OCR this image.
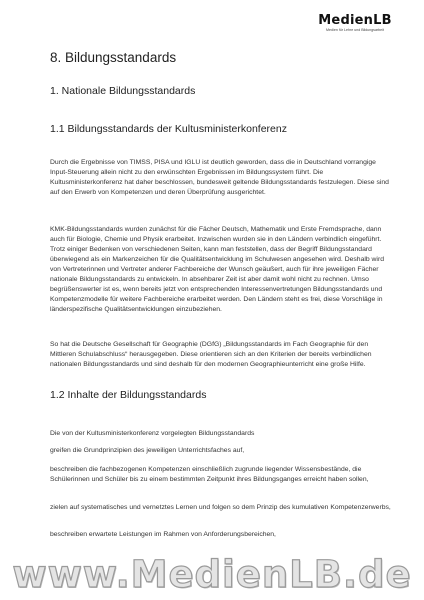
MedienLB
Medien für Lehre und Bildungsarbeit
8. Bildungsstandards
1. Nationale Bildungsstandards
1.1 Bildungsstandards der Kultusministerkonferenz

Durch die Ergebnisse von TIMSS, PISA und IGLU ist deutlich geworden, dass die in Deutschland vorrangige Input-Steuerung allein nicht zu den erwünschten Ergebnissen im Bildungssystem führt. Die Kultusministerkonferenz hat daher beschlossen, bundesweit geltende Bildungsstandards festzulegen. Diese sind auf den Erwerb von Kompetenzen und deren Überprüfung ausgerichtet.

KMK-Bildungsstandards wurden zunächst für die Fächer Deutsch, Mathematik und Erste Fremdsprache, dann auch für Biologie, Chemie und Physik erarbeitet. Inzwischen wurden sie in den Ländern verbindlich eingeführt. Trotz einiger Bedenken von verschiedenen Seiten, kann man feststellen, dass der Begriff Bildungsstandard überwiegend als ein Markenzeichen für die Qualitätsentwicklung im Schulwesen angesehen wird. Deshalb wird von Vertreterinnen und Vertreter anderer Fachbereiche der Wunsch geäußert, auch für ihre jeweiligen Fächer nationale Bildungsstandards zu entwickeln. In absehbarer Zeit ist aber damit wohl nicht zu rechnen. Umso begrüßenswerter ist es, wenn bereits jetzt von entsprechenden Interessenvertretungen Bildungsstandards und Kompetenzmodelle für weitere Fachbereiche erarbeitet werden. Den Ländern steht es frei, diese Vorschläge in länderspezifische Qualitätsentwicklungen einzubeziehen.

So hat die Deutsche Gesellschaft für Geographie (DGfG) „Bildungsstandards im Fach Geographie für den Mittleren Schulabschluss“ herausgegeben. Diese orientieren sich an den Kriterien der bereits verbindlichen nationalen Bildungsstandards und sind deshalb für den modernen Geographieunterricht eine große Hilfe.

1.2 Inhalte der Bildungsstandards

Die von der Kultusministerkonferenz vorgelegten Bildungsstandards

greifen die Grundprinzipien des jeweiligen Unterrichtsfaches auf,

beschreiben die fachbezogenen Kompetenzen einschließlich zugrunde liegender Wissensbestände, die Schülerinnen und Schüler bis zu einem bestimmten Zeitpunkt ihres Bildungsganges erreicht haben sollen,

zielen auf systematisches und vernetztes Lernen und folgen so dem Prinzip des kumulativen Kompetenzerwerbs,

beschreiben erwartete Leistungen im Rahmen von Anforderungsbereichen,

www.MedienLB.de
